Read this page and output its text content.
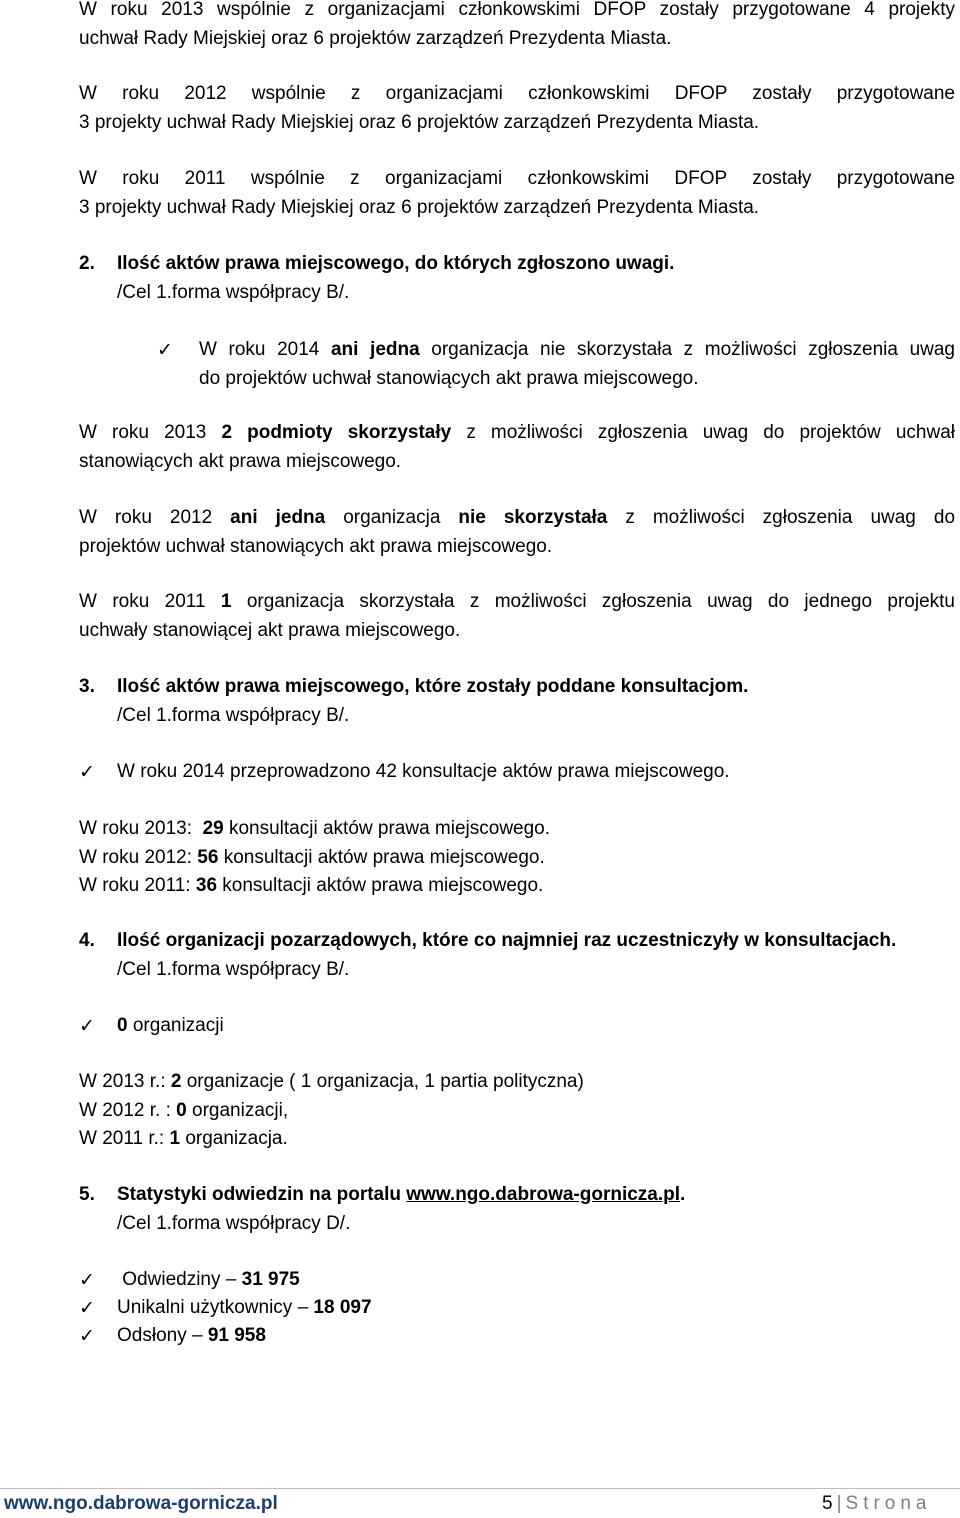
W roku 2013 wspólnie z organizacjami członkowskimi DFOP zostały przygotowane 4 projekty
uchwał Rady Miejskiej oraz 6 projektów zarządzeń Prezydenta Miasta.
W roku 2012 wspólnie z organizacjami członkowskimi DFOP zostały przygotowane
3 projekty uchwał Rady Miejskiej oraz 6 projektów zarządzeń Prezydenta Miasta.
W roku 2011 wspólnie z organizacjami członkowskimi DFOP zostały przygotowane
3 projekty uchwał Rady Miejskiej oraz 6 projektów zarządzeń Prezydenta Miasta.
2. Ilość aktów prawa miejscowego, do których zgłoszono uwagi.
/Cel 1.forma współpracy B/.
✓ W roku 2014 ani jedna organizacja nie skorzystała z możliwości zgłoszenia uwag
do projektów uchwał stanowiących akt prawa miejscowego.
W roku 2013 2 podmioty skorzystały z możliwości zgłoszenia uwag do projektów uchwał
stanowiących akt prawa miejscowego.
W roku 2012 ani jedna organizacja nie skorzystała z możliwości zgłoszenia uwag do
projektów uchwał stanowiących akt prawa miejscowego.
W roku 2011 1 organizacja skorzystała z możliwości zgłoszenia uwag do jednego projektu
uchwały stanowiącej akt prawa miejscowego.
3. Ilość aktów prawa miejscowego, które zostały poddane konsultacjom.
/Cel 1.forma współpracy B/.
✓ W roku 2014 przeprowadzono 42 konsultacje aktów prawa miejscowego.
W roku 2013:  29 konsultacji aktów prawa miejscowego.
W roku 2012: 56 konsultacji aktów prawa miejscowego.
W roku 2011: 36 konsultacji aktów prawa miejscowego.
4. Ilość organizacji pozarządowych, które co najmniej raz uczestniczyły w konsultacjach.
/Cel 1.forma współpracy B/.
✓ 0 organizacji
W 2013 r.: 2 organizacje ( 1 organizacja, 1 partia polityczna)
W 2012 r. : 0 organizacji,
W 2011 r.: 1 organizacja.
5. Statystyki odwiedzin na portalu www.ngo.dabrowa-gornicza.pl.
/Cel 1.forma współpracy D/.
✓ Odwiedziny – 31 975
✓ Unikalni użytkownicy – 18 097
✓ Odsłony – 91 958
www.ngo.dabrowa-gornicza.pl	5 | Strona
